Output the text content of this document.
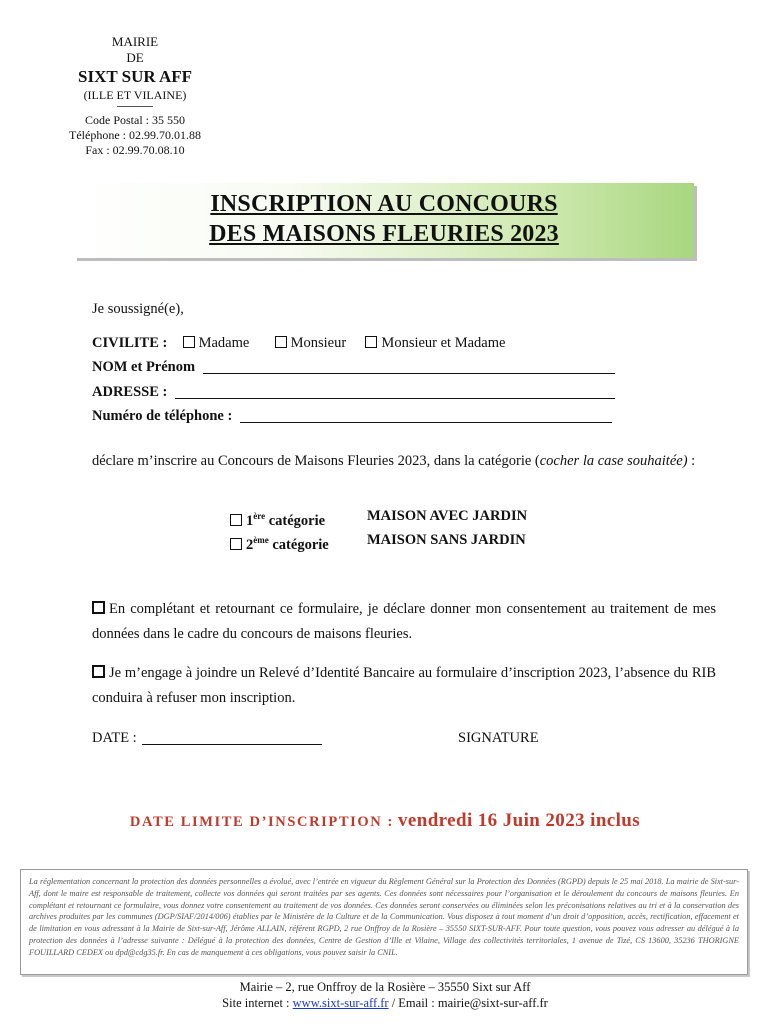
MAIRIE
DE
SIXT SUR AFF
(ILLE ET VILAINE)
Code Postal : 35 550
Téléphone : 02.99.70.01.88
Fax : 02.99.70.08.10
INSCRIPTION AU CONCOURS
DES MAISONS FLEURIES 2023
Je soussigné(e),
CIVILITE : Madame	Monsieur Monsieur et Madame
NOM et Prénom
ADRESSE :
Numéro de téléphone :
déclare m’inscrire au Concours de Maisons Fleuries 2023, dans la catégorie (cocher la case souhaitée) :
1ère catégorie	MAISON AVEC JARDIN
2ème catégorie	MAISON SANS JARDIN
En complétant et retournant ce formulaire, je déclare donner mon consentement au traitement de mes données dans le cadre du concours de maisons fleuries.
Je m’engage à joindre un Relevé d’Identité Bancaire au formulaire d’inscription 2023, l’absence du RIB conduira à refuser mon inscription.
DATE :	SIGNATURE
DATE LIMITE D’INSCRIPTION : vendredi 16 Juin 2023 inclus

La réglementation concernant la protection des données personnelles a évolué, avec l’entrée en vigueur du Règlement Général sur la Protection des Données (RGPD) depuis le 25 mai 2018. La mairie de Sixt-sur-Aff, dont le maire est responsable de traitement, collecte vos données qui seront traitées par ses agents. Ces données sont nécessaires pour l’organisation et le déroulement du concours de maisons fleuries. En complétant et retournant ce formulaire, vous donnez votre consentement au traitement de vos données. Ces données seront conservées ou éliminées selon les préconisations relatives au tri et à la conservation des archives produites par les communes (DGP/SIAF/2014/006) établies par le Ministère de la Culture et de la Communication. Vous disposez à tout moment d’un droit d’opposition, accès, rectification, effacement et de limitation en vous adressant à la Mairie de Sixt-sur-Aff, Jérôme ALLAIN, référent RGPD, 2 rue Onffroy de la Rosière – 35550 SIXT-SUR-AFF. Pour toute question, vous pouvez vous adresser au délégué à la protection des données à l’adresse suivante : Délégué à la protection des données, Centre de Gestion d’Ille et Vilaine, Village des collectivités territoriales, 1 avenue de Tizé, CS 13600, 35236 THORIGNE FOUILLARD CEDEX ou dpd@cdg35.fr. En cas de manquement à ces obligations, vous pouvez saisir la CNIL.

Mairie – 2, rue Onffroy de la Rosière – 35550 Sixt sur Aff
Site internet : www.sixt-sur-aff.fr / Email : mairie@sixt-sur-aff.fr
